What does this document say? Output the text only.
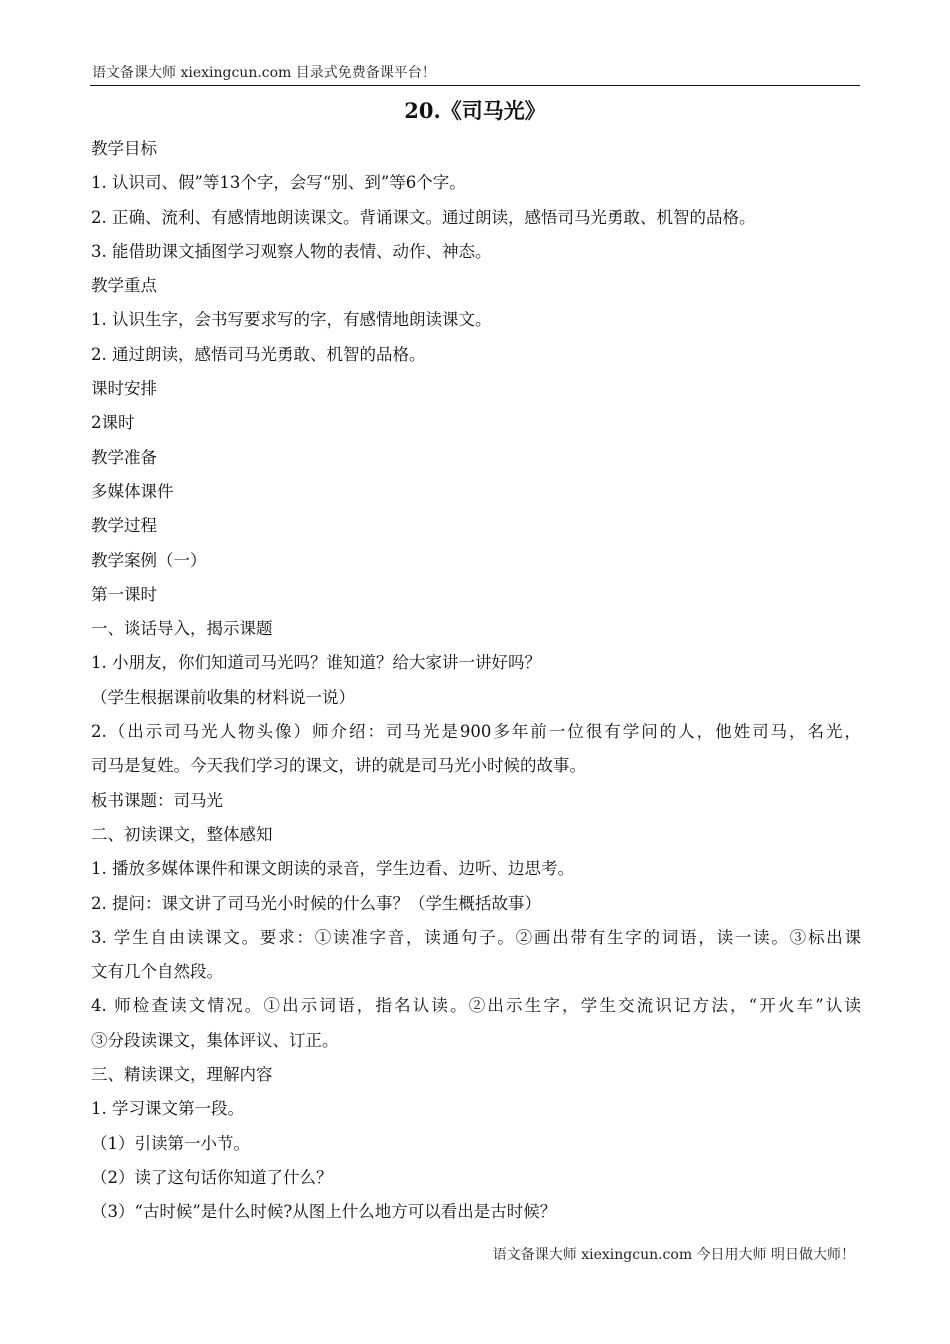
语文备课大师 xiexingcun.com 目录式免费备课平台！
20.《司马光》
教学目标
1. 认识司、假”等13个字，会写“别、到”等6个字。
2. 正确、流利、有感情地朗读课文。背诵课文。通过朗读，感悟司马光勇敢、机智的品格。
3. 能借助课文插图学习观察人物的表情、动作、神态。
教学重点
1. 认识生字，会书写要求写的字，有感情地朗读课文。
2. 通过朗读，感悟司马光勇敢、机智的品格。
课时安排
2课时
教学准备
多媒体课件
教学过程
教学案例（一）
第一课时
一、谈话导入，揭示课题
1. 小朋友，你们知道司马光吗？谁知道？给大家讲一讲好吗？
（学生根据课前收集的材料说一说）
2.（出示司马光人物头像）师介绍：司马光是900多年前一位很有学问的人，他姓司马，名光，
司马是复姓。今天我们学习的课文，讲的就是司马光小时候的故事。
板书课题：司马光
二、初读课文，整体感知
1. 播放多媒体课件和课文朗读的录音，学生边看、边听、边思考。
2. 提问：课文讲了司马光小时候的什么事？（学生概括故事）
3. 学生自由读课文。要求：①读准字音，读通句子。②画出带有生字的词语，读一读。③标出课
文有几个自然段。
4. 师检查读文情况。①出示词语，指名认读。②出示生字，学生交流识记方法，“开火车”认读
③分段读课文，集体评议、订正。
三、精读课文，理解内容
1. 学习课文第一段。
（1）引读第一小节。
（2）读了这句话你知道了什么？
（3）“古时候”是什么时候?从图上什么地方可以看出是古时候？
语文备课大师 xiexingcun.com 今日用大师 明日做大师！
